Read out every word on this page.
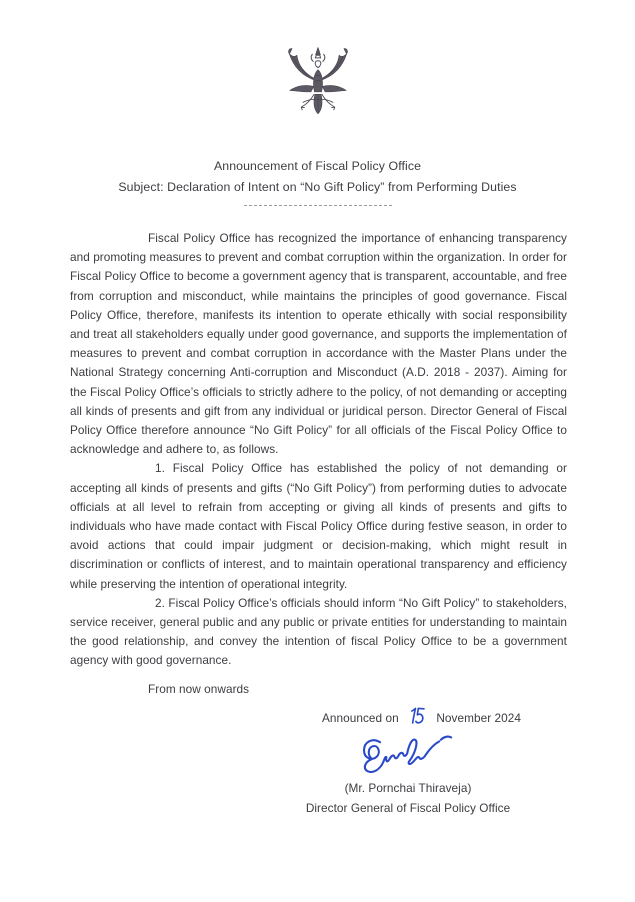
Announcement of Fiscal Policy Office
Subject: Declaration of Intent on “No Gift Policy” from Performing Duties

Fiscal Policy Office has recognized the importance of enhancing transparency and promoting measures to prevent and combat corruption within the organization. In order for Fiscal Policy Office to become a government agency that is transparent, accountable, and free from corruption and misconduct, while maintains the principles of good governance. Fiscal Policy Office, therefore, manifests its intention to operate ethically with social responsibility and treat all stakeholders equally under good governance, and supports the implementation of measures to prevent and combat corruption in accordance with the Master Plans under the National Strategy concerning Anti-corruption and Misconduct (A.D. 2018 - 2037). Aiming for the Fiscal Policy Office’s officials to strictly adhere to the policy, of not demanding or accepting all kinds of presents and gift from any individual or juridical person. Director General of Fiscal Policy Office therefore announce “No Gift Policy” for all officials of the Fiscal Policy Office to acknowledge and adhere to, as follows.

1. Fiscal Policy Office has established the policy of not demanding or accepting all kinds of presents and gifts (“No Gift Policy”) from performing duties to advocate officials at all level to refrain from accepting or giving all kinds of presents and gifts to individuals who have made contact with Fiscal Policy Office during festive season, in order to avoid actions that could impair judgment or decision-making, which might result in discrimination or conflicts of interest, and to maintain operational transparency and efficiency while preserving the intention of operational integrity.

2. Fiscal Policy Office’s officials should inform “No Gift Policy” to stakeholders, service receiver, general public and any public or private entities for understanding to maintain the good relationship, and convey the intention of fiscal Policy Office to be a government agency with good governance.

From now onwards

Announced on	November 2024
(Mr. Pornchai Thiraveja)
Director General of Fiscal Policy Office
